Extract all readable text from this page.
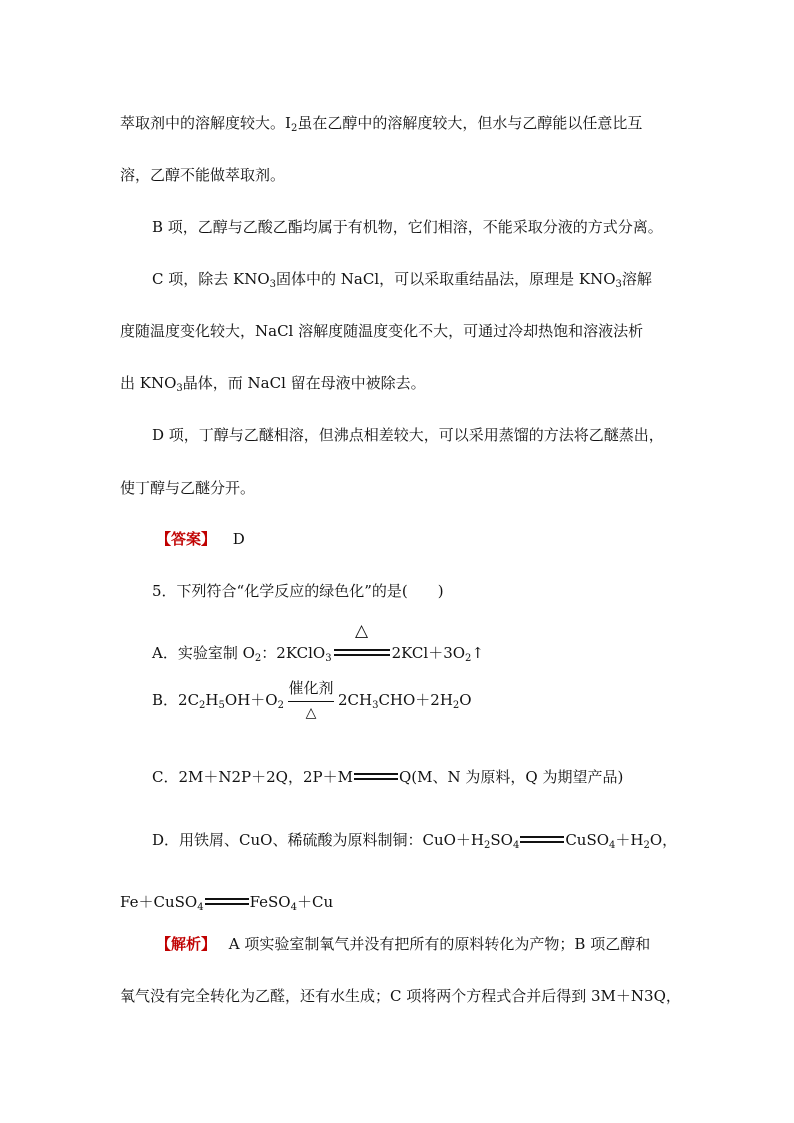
萃取剂中的溶解度较大。$I_2$虽在乙醇中的溶解度较大，但水与乙醇能以任意比互
溶，乙醇不能做萃取剂。
B 项，乙醇与乙酸乙酯均属于有机物，它们相溶，不能采取分液的方式分离。
C 项，除去 $KNO_3$固体中的 NaCl，可以采取重结晶法，原理是 $KNO_3$溶解
度随温度变化较大，NaCl 溶解度随温度变化不大，可通过冷却热饱和溶液法析
出 $KNO_3$晶体，而 NaCl 留在母液中被除去。
D 项，丁醇与乙醚相溶，但沸点相差较大，可以采用蒸馏的方法将乙醚蒸出，
使丁醇与乙醚分开。
【答案】 D
5．下列符合“化学反应的绿色化”的是(　　)
A．实验室制 $O_2$：2KClO$_3$
△
$2KCl+3O_2↑$
B．$2C_2H_5OH+O_2$
催化剂
△
$2CH_3CHO+2H_2O$
C．2M＋N2P＋2Q，2P＋M	Q(M、N 为原料，Q 为期望产品)
D．用铁屑、CuO、稀硫酸为原料制铜：$CuO+H_2SO_4$	$CuSO_4+H_2O$，
Fe＋CuSO$_4$	FeSO$_4$＋Cu
【解析】 A 项实验室制氧气并没有把所有的原料转化为产物；B 项乙醇和
氧气没有完全转化为乙醛，还有水生成；C 项将两个方程式合并后得到 3M＋N3Q，
